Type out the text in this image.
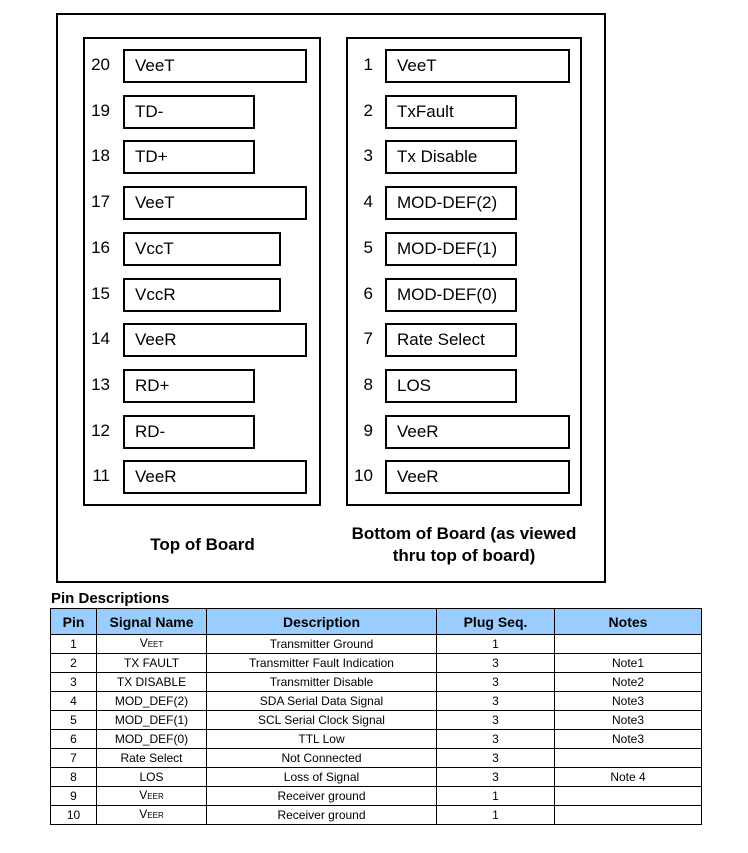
20	VeeT
19	TD-
18	TD+
17	VeeT
16	VccT
15	VccR
14	VeeR
13	RD+
12	RD-
11	VeeR
1	VeeT
2	TxFault
3	Tx Disable
4	MOD-DEF(2)
5	MOD-DEF(1)
6	MOD-DEF(0)
7	Rate Select
8	LOS
9	VeeR
10	VeeR
Top of Board
Bottom of Board (as viewed
thru top of board)
Pin Descriptions
Pin	Signal Name	Description	Plug Seq.	Notes
1	VEET	Transmitter Ground	1	
2	TX FAULT	Transmitter Fault Indication	3	Note1
3	TX DISABLE	Transmitter Disable	3	Note2
4	MOD_DEF(2)	SDA Serial Data Signal	3	Note3
5	MOD_DEF(1)	SCL Serial Clock Signal	3	Note3
6	MOD_DEF(0)	TTL Low	3	Note3
7	Rate Select	Not Connected	3	
8	LOS	Loss of Signal	3	Note 4
9	VEER	Receiver ground	1	
10	VEER	Receiver ground	1	
